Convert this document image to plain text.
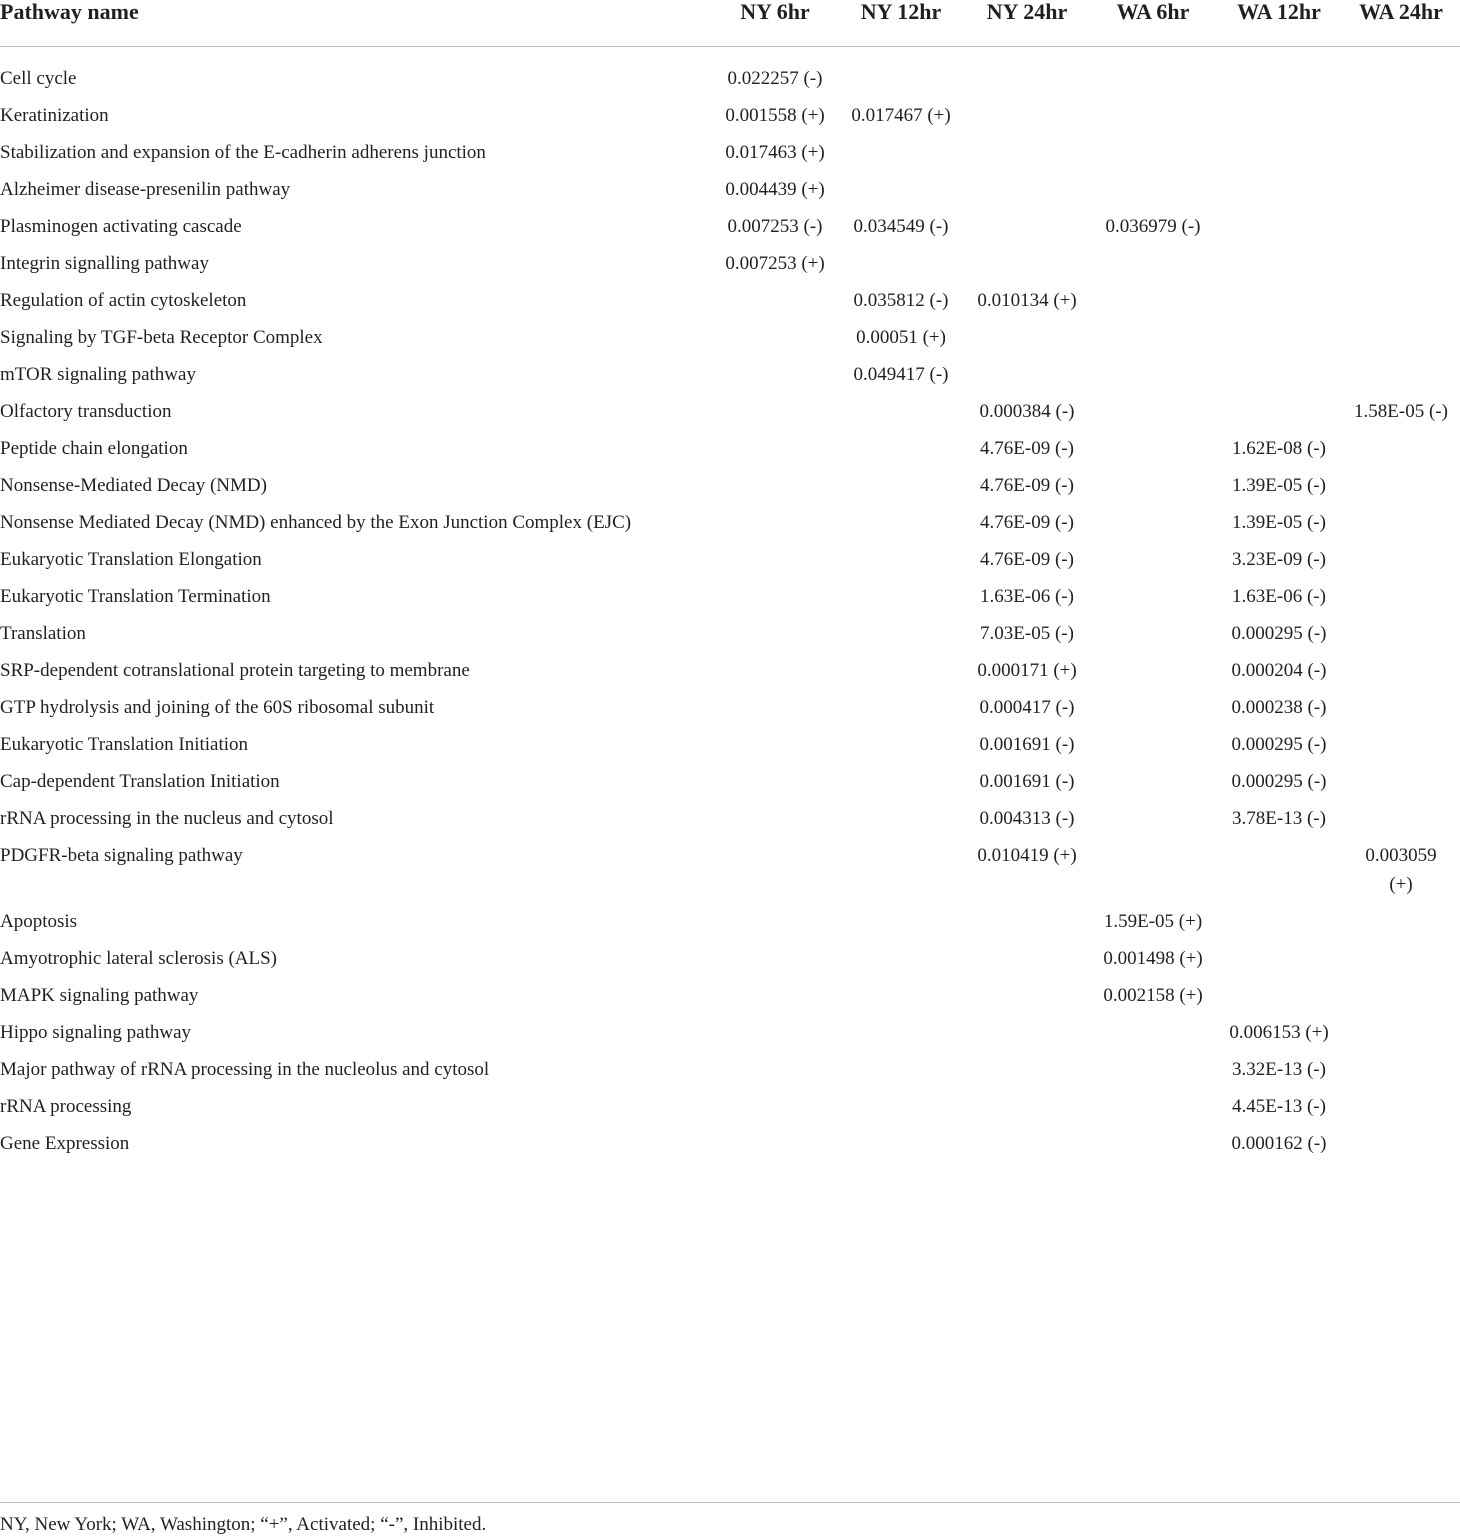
Pathway name	NY 6hr	NY 12hr	NY 24hr	WA 6hr	WA 12hr	WA 24hr
Cell cycle	0.022257 (-)					
Keratinization	0.001558 (+)	0.017467 (+)				
Stabilization and expansion of the E-cadherin adherens junction	0.017463 (+)					
Alzheimer disease-presenilin pathway	0.004439 (+)					
Plasminogen activating cascade	0.007253 (-)	0.034549 (-)		0.036979 (-)		
Integrin signalling pathway	0.007253 (+)					
Regulation of actin cytoskeleton		0.035812 (-)	0.010134 (+)			
Signaling by TGF-beta Receptor Complex		0.00051 (+)				
mTOR signaling pathway		0.049417 (-)				
Olfactory transduction			0.000384 (-)			1.58E-05 (-)
Peptide chain elongation			4.76E-09 (-)		1.62E-08 (-)	
Nonsense-Mediated Decay (NMD)			4.76E-09 (-)		1.39E-05 (-)	
Nonsense Mediated Decay (NMD) enhanced by the Exon Junction Complex (EJC)			4.76E-09 (-)		1.39E-05 (-)	
Eukaryotic Translation Elongation			4.76E-09 (-)		3.23E-09 (-)	
Eukaryotic Translation Termination			1.63E-06 (-)		1.63E-06 (-)	
Translation			7.03E-05 (-)		0.000295 (-)	
SRP-dependent cotranslational protein targeting to membrane			0.000171 (+)		0.000204 (-)	
GTP hydrolysis and joining of the 60S ribosomal subunit			0.000417 (-)		0.000238 (-)	
Eukaryotic Translation Initiation			0.001691 (-)		0.000295 (-)	
Cap-dependent Translation Initiation			0.001691 (-)		0.000295 (-)	
rRNA processing in the nucleus and cytosol			0.004313 (-)		3.78E-13 (-)	
PDGFR-beta signaling pathway			0.010419 (+)			0.003059 (+)
Apoptosis				1.59E-05 (+)		
Amyotrophic lateral sclerosis (ALS)				0.001498 (+)		
MAPK signaling pathway				0.002158 (+)		
Hippo signaling pathway					0.006153 (+)	
Major pathway of rRNA processing in the nucleolus and cytosol					3.32E-13 (-)	
rRNA processing					4.45E-13 (-)	
Gene Expression					0.000162 (-)	
NY, New York; WA, Washington; “+”, Activated; “-”, Inhibited.
